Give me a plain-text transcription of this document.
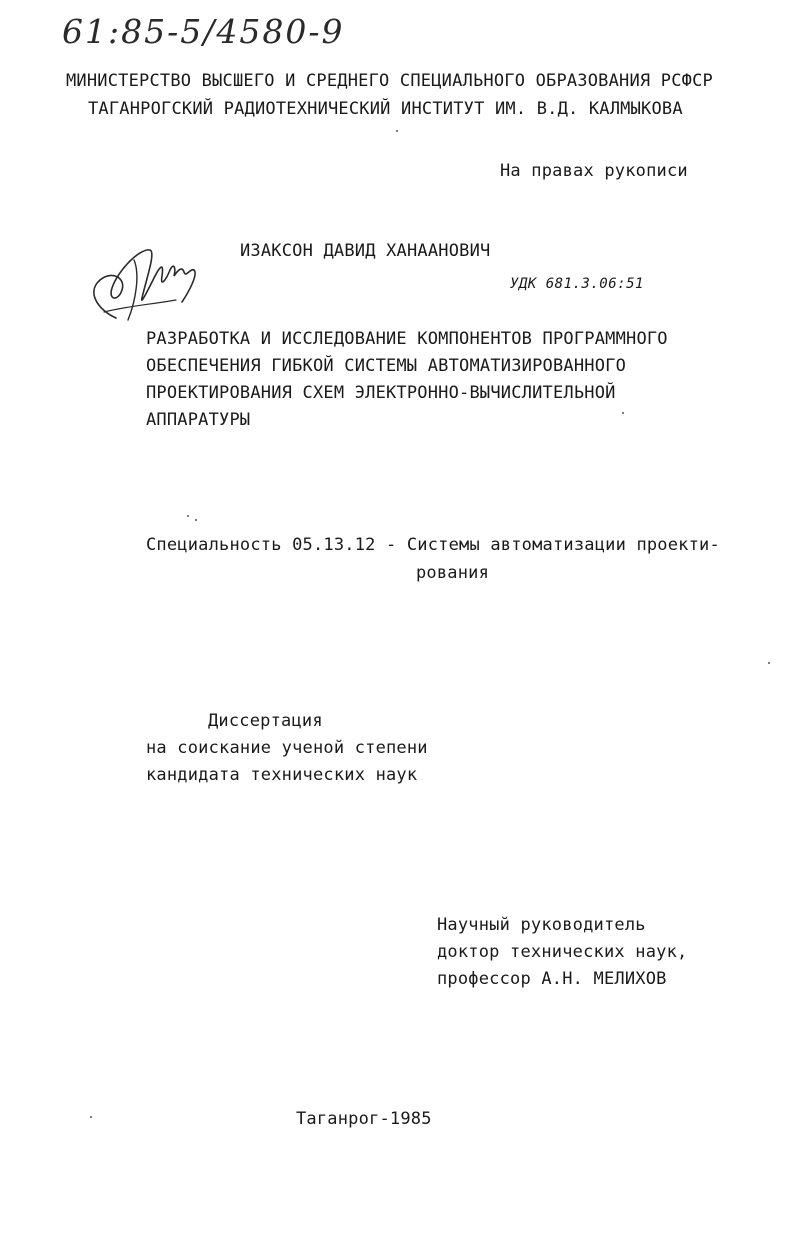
61:85-5/4580-9
МИНИСТЕРСТВО ВЫСШЕГО И СРЕДНЕГО СПЕЦИАЛЬНОГО ОБРАЗОВАНИЯ РСФСР
ТАГАНРОГСКИЙ РАДИОТЕХНИЧЕСКИЙ ИНСТИТУТ ИМ. В.Д. КАЛМЫКОВА
На правах рукописи
ИЗАКСОН ДАВИД ХАНААНОВИЧ
УДК 681.3.06:51
РАЗРАБОТКА И ИССЛЕДОВАНИЕ КОМПОНЕНТОВ ПРОГРАММНОГО
ОБЕСПЕЧЕНИЯ ГИБКОЙ СИСТЕМЫ АВТОМАТИЗИРОВАННОГО
ПРОЕКТИРОВАНИЯ СХЕМ ЭЛЕКТРОННО-ВЫЧИСЛИТЕЛЬНОЙ
АППАРАТУРЫ
Специальность 05.13.12 - Системы автоматизации проекти-
рования
Диссертация
на соискание ученой степени
кандидата технических наук
Научный руководитель
доктор технических наук,
профессор А.Н. МЕЛИХОВ
Таганрог-1985
